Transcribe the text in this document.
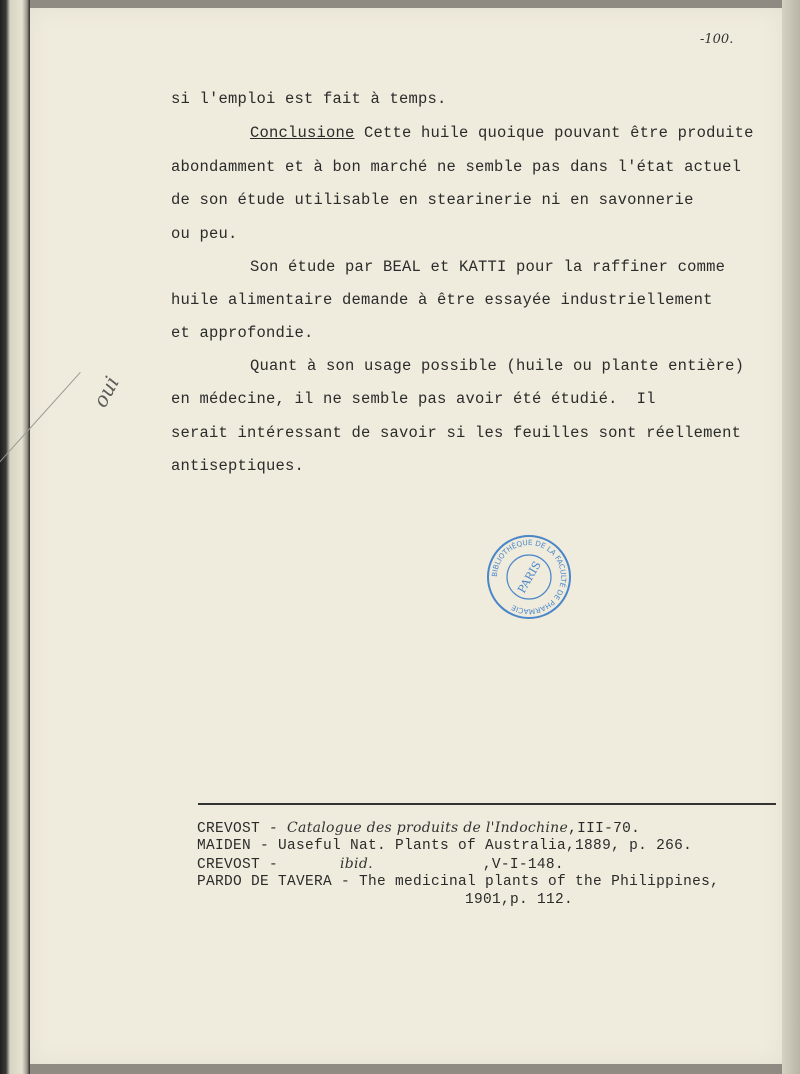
-100.
oui
si l'emploi est fait à temps.
Conclusione Cette huile quoique pouvant être produite
abondamment et à bon marché ne semble pas dans l'état actuel
de son étude utilisable en stearinerie ni en savonnerie
ou peu.
Son étude par BEAL et KATTI pour la raffiner comme
huile alimentaire demande à être essayée industriellement
et approfondie.
Quant à son usage possible (huile ou plante entière)
en médecine, il ne semble pas avoir été étudié.  Il
serait intéressant de savoir si les feuilles sont réellement
antiseptiques.
BIBLIOTHÈQUE DE LA FACULTÉ DE PHARMACIE
PARIS
CREVOST - Catalogue des produits de l'Indochine,III-70.
MAIDEN - Uaseful Nat. Plants of Australia,1889, p. 266.
CREVOST -	ibid.	,V-I-148.
PARDO DE TAVERA - The medicinal plants of the Philippines,
1901,p. 112.
